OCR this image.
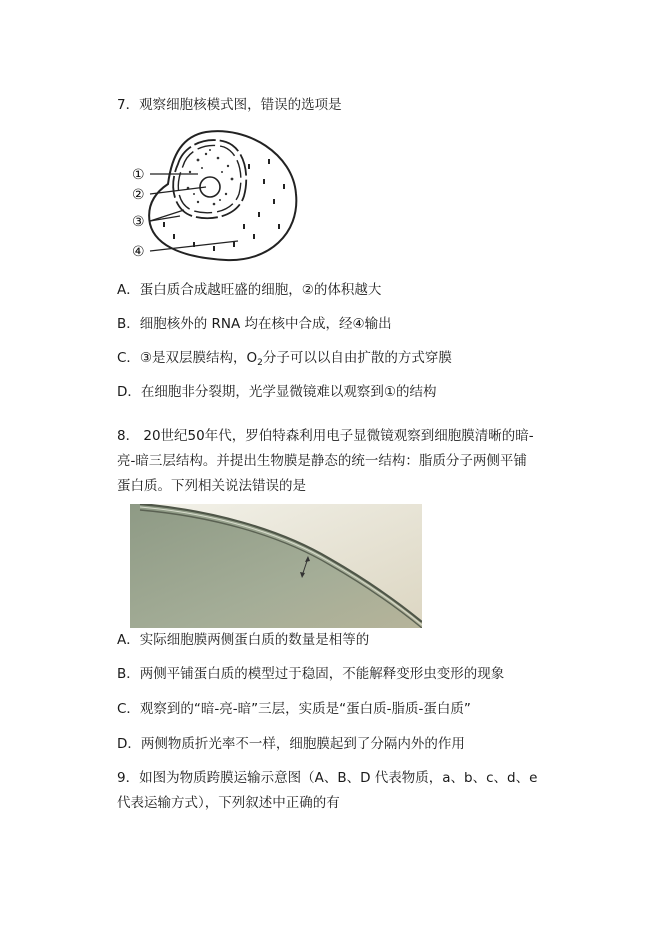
7．观察细胞核模式图，错误的选项是
①
②
③
④
A．蛋白质合成越旺盛的细胞，②的体积越大
B．细胞核外的 RNA 均在核中合成，经④输出
C．③是双层膜结构，$O_2$分子可以以自由扩散的方式穿膜
D．在细胞非分裂期，光学显微镜难以观察到①的结构
8． 20世纪50年代，罗伯特森利用电子显微镜观察到细胞膜清晰的暗-
亮-暗三层结构。并提出生物膜是静态的统一结构：脂质分子两侧平铺
蛋白质。下列相关说法错误的是
A．实际细胞膜两侧蛋白质的数量是相等的
B．两侧平铺蛋白质的模型过于稳固，不能解释变形虫变形的现象
C．观察到的“暗-亮-暗”三层，实质是“蛋白质-脂质-蛋白质”
D．两侧物质折光率不一样，细胞膜起到了分隔内外的作用
9．如图为物质跨膜运输示意图（A、B、D 代表物质，a、b、c、d、e
代表运输方式），下列叙述中正确的有
